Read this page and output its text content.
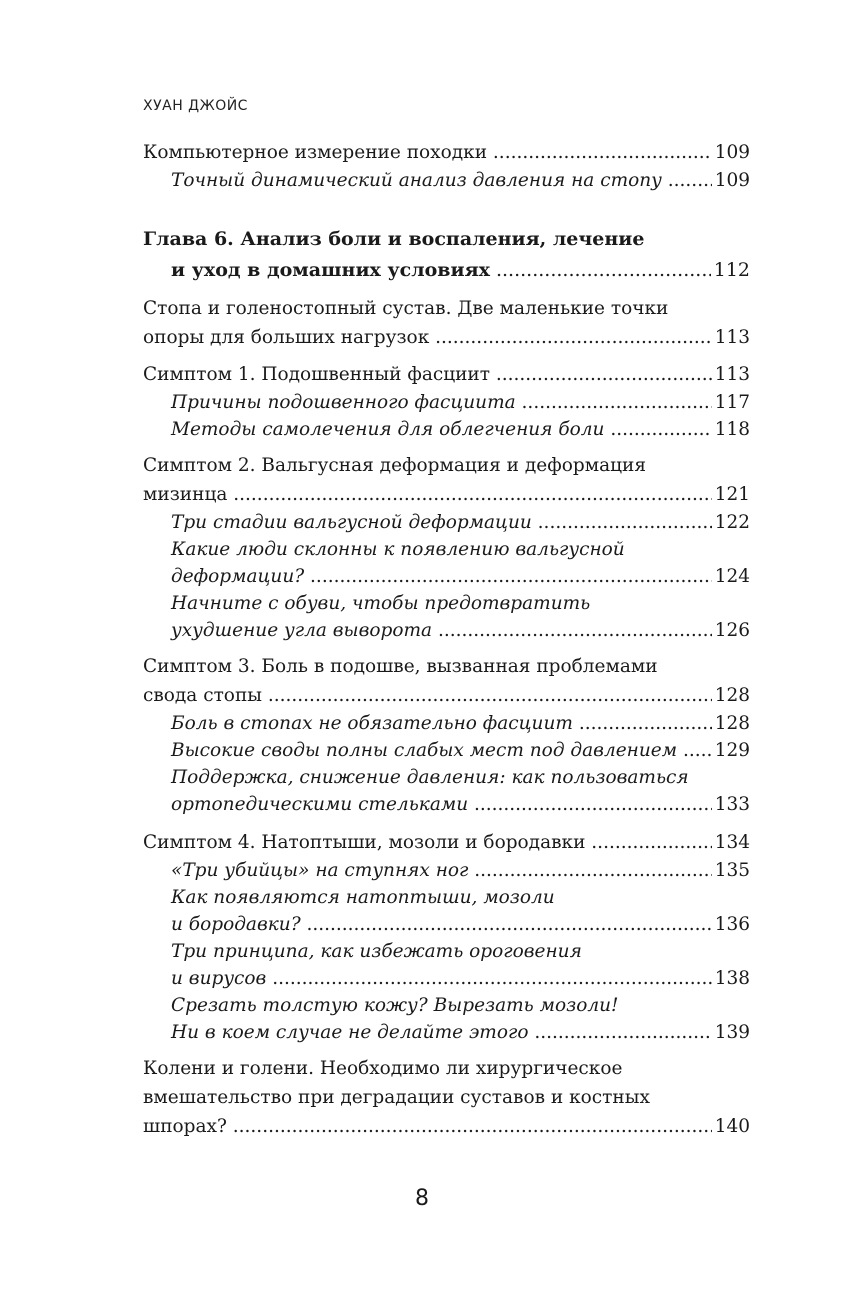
ХУАН ДЖОЙС
Компьютерное измерение походки .....	109
Точный динамический анализ давления на стопу .....	109
Глава 6. Анализ боли и воспаления, лечение
и уход в домашних условиях .....	112
Стопа и голеностопный сустав. Две маленькие точки
опоры для больших нагрузок .....	113
Симптом 1. Подошвенный фасциит .....	113
Причины подошвенного фасциита .....	117
Методы самолечения для облегчения боли .....	118
Симптом 2. Вальгусная деформация и деформация
мизинца .....	121
Три стадии вальгусной деформации .....	122
Какие люди склонны к появлению вальгусной
деформации? .....	124
Начните с обуви, чтобы предотвратить
ухудшение угла выворота .....	126
Симптом 3. Боль в подошве, вызванная проблемами
свода стопы .....	128
Боль в стопах не обязательно фасциит .....	128
Высокие своды полны слабых мест под давлением ..... 129
Поддержка, снижение давления: как пользоваться
ортопедическими стельками .....	133
Симптом 4. Натоптыши, мозоли и бородавки .....	134
«Три убийцы» на ступнях ног .....	135
Как появляются натоптыши, мозоли
и бородавки? .....	136
Три принципа, как избежать ороговения
и вирусов .....	138
Срезать толстую кожу? Вырезать мозоли!
Ни в коем случае не делайте этого .....	139
Колени и голени. Необходимо ли хирургическое
вмешательство при деградации суставов и костных
шпорах? .....	140
8
